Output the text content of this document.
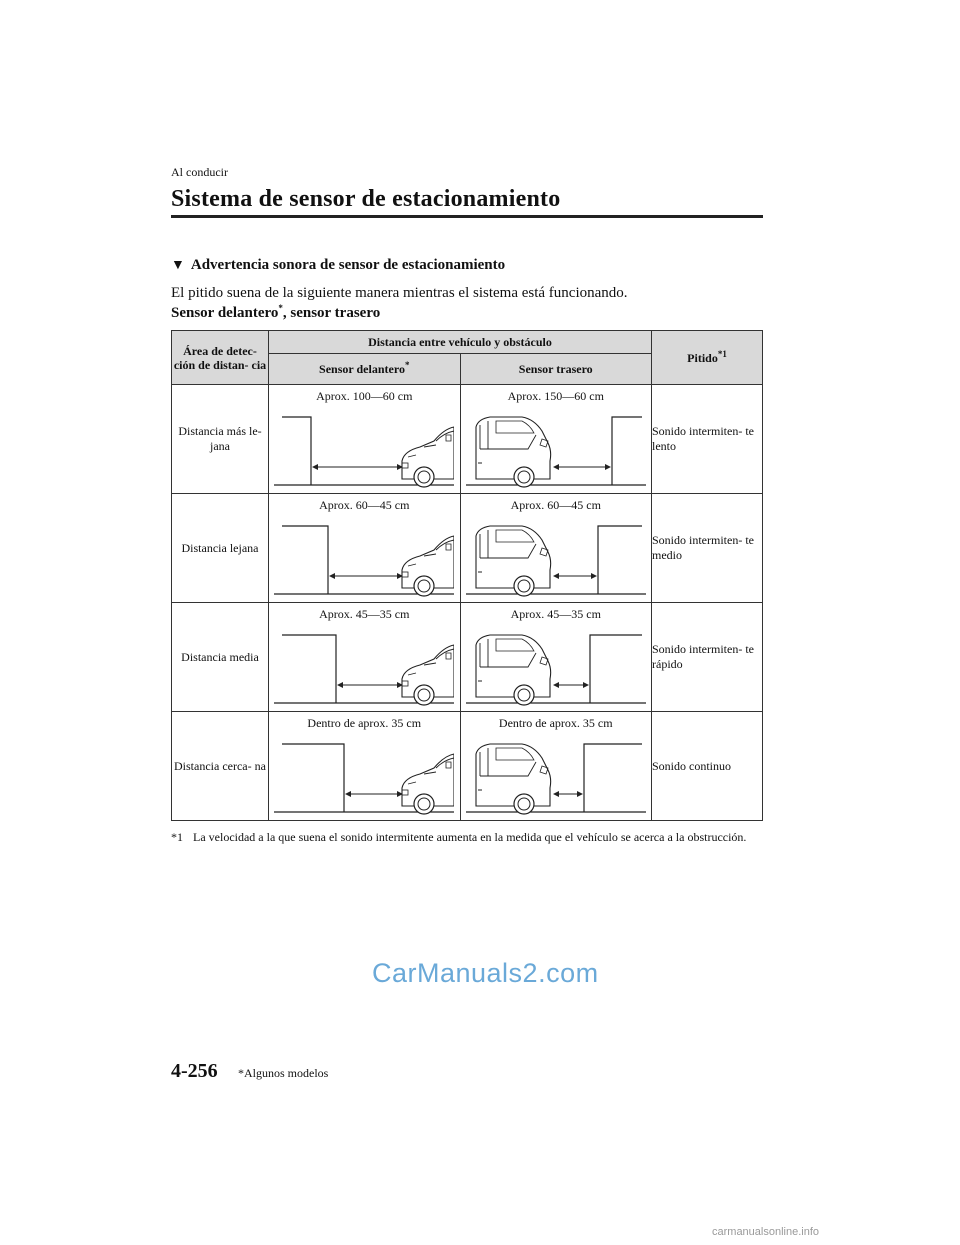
Al conducir

Sistema de sensor de estacionamiento
▼ Advertencia sonora de sensor de estacionamiento
El pitido suena de la siguiente manera mientras el sistema está funcionando.
Sensor delantero*, sensor trasero
Área de detec- ción de distan- cia	Distancia entre vehículo y obstáculo		Pitido$^{*1}$
	Sensor delantero*	Sensor trasero	
Distancia más le- jana	Aprox. 100—60 cm	Aprox. 150—60 cm	Sonido intermiten- te lento
Distancia lejana	Aprox. 60—45 cm	Aprox. 60—45 cm	Sonido intermiten- te medio
Distancia media	Aprox. 45—35 cm	Aprox. 45—35 cm	Sonido intermiten- te rápido
Distancia cerca- na	Dentro de aprox. 35 cm	Dentro de aprox. 35 cm	Sonido continuo
*1 La velocidad a la que suena el sonido intermitente aumenta en la medida que el vehículo se acerca a la obstrucción.
CarManuals2.com
4-256 *Algunos modelos
carmanualsonline.info
